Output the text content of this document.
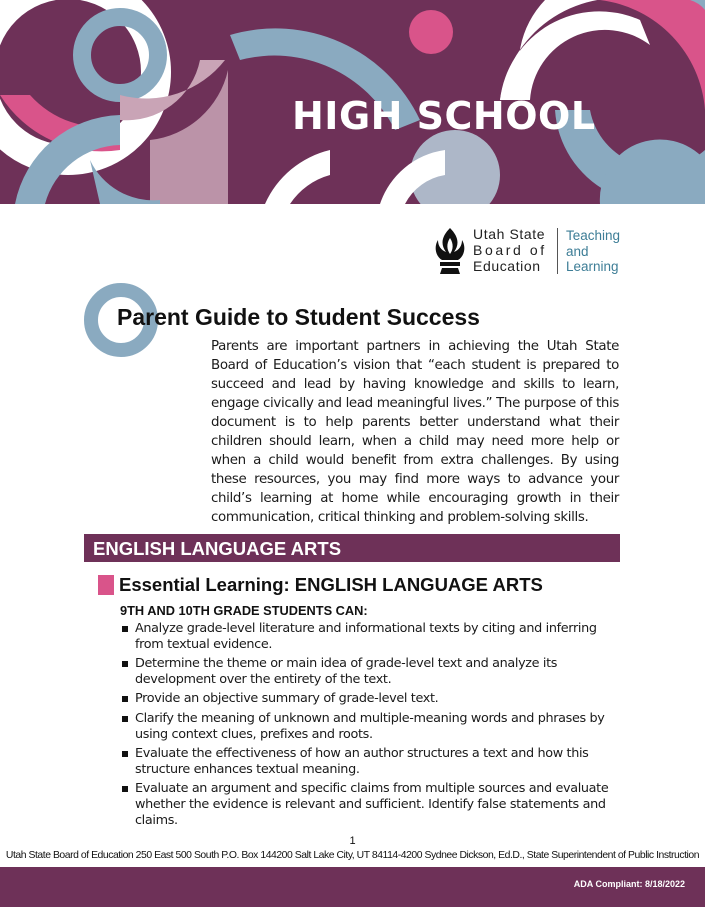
HIGH SCHOOL
Utah State
Board of
Education
Teaching
and
Learning
Parent Guide to Student Success

Parents are important partners in achieving the Utah State Board of Education’s vision that “each student is prepared to succeed and lead by having knowledge and skills to learn, engage civically and lead meaningful lives.” The purpose of this document is to help parents better understand what their children should learn, when a child may need more help or when a child would benefit from extra challenges. By using these resources, you may find more ways to advance your child’s learning at home while encouraging growth in their communication, critical thinking and problem-solving skills.

ENGLISH LANGUAGE ARTS
Essential Learning: ENGLISH LANGUAGE ARTS
9TH AND 10TH GRADE STUDENTS CAN:
Analyze grade-level literature and informational texts by citing and inferring from textual evidence.
Determine the theme or main idea of grade-level text and analyze its development over the entirety of the text.
Provide an objective summary of grade-level text.
Clarify the meaning of unknown and multiple-meaning words and phrases by using context clues, prefixes and roots.
Evaluate the effectiveness of how an author structures a text and how this structure enhances textual meaning.
Evaluate an argument and specific claims from multiple sources and evaluate whether the evidence is relevant and sufficient. Identify false statements and claims.
1
Utah State Board of Education 250 East 500 South P.O. Box 144200 Salt Lake City, UT 84114-4200 Sydnee Dickson, Ed.D., State Superintendent of Public Instruction
ADA Compliant: 8/18/2022
